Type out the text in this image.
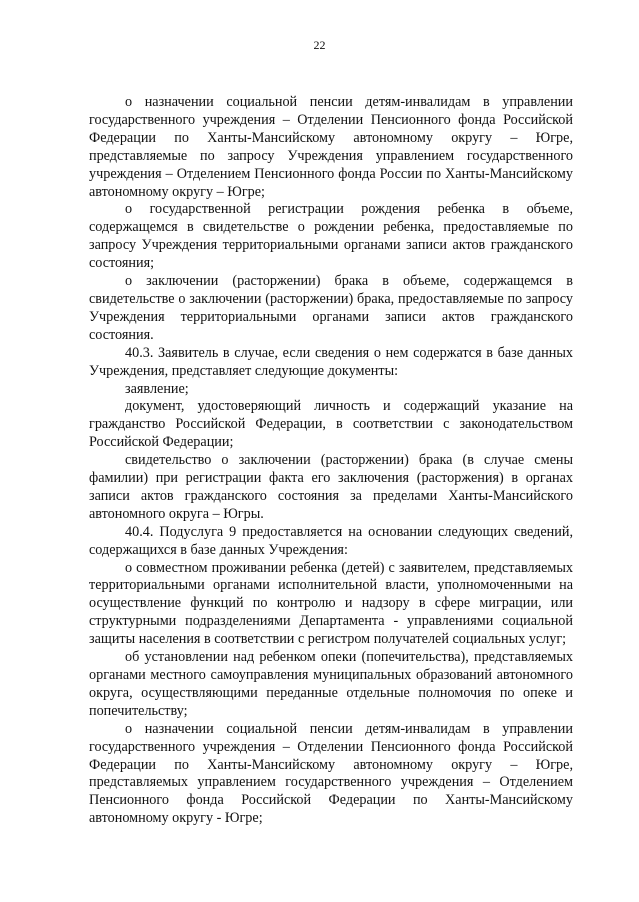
22

о назначении социальной пенсии детям-инвалидам в управлении государственного учреждения – Отделении Пенсионного фонда Российской Федерации по Ханты-Мансийскому автономному округу – Югре, представляемые по запросу Учреждения управлением государственного учреждения – Отделением Пенсионного фонда России по Ханты-Мансийскому автономному округу – Югре;

о государственной регистрации рождения ребенка в объеме, содержащемся в свидетельстве о рождении ребенка, предоставляемые по запросу Учреждения территориальными органами записи актов гражданского состояния;

о заключении (расторжении) брака в объеме, содержащемся в свидетельстве о заключении (расторжении) брака, предоставляемые по запросу Учреждения территориальными органами записи актов гражданского состояния.

40.3. Заявитель в случае, если сведения о нем содержатся в базе данных Учреждения, представляет следующие документы:

заявление;

документ, удостоверяющий личность и содержащий указание на гражданство Российской Федерации, в соответствии с законодательством Российской Федерации;

свидетельство о заключении (расторжении) брака (в случае смены фамилии) при регистрации факта его заключения (расторжения) в органах записи актов гражданского состояния за пределами Ханты-Мансийского автономного округа – Югры.

40.4. Подуслуга 9 предоставляется на основании следующих сведений, содержащихся в базе данных Учреждения:

о совместном проживании ребенка (детей) с заявителем, представляемых территориальными органами исполнительной власти, уполномоченными на осуществление функций по контролю и надзору в сфере миграции, или структурными подразделениями Департамента - управлениями социальной защиты населения в соответствии с регистром получателей социальных услуг;

об установлении над ребенком опеки (попечительства), представляемых органами местного самоуправления муниципальных образований автономного округа, осуществляющими переданные отдельные полномочия по опеке и попечительству;

о назначении социальной пенсии детям-инвалидам в управлении государственного учреждения – Отделении Пенсионного фонда Российской Федерации по Ханты-Мансийскому автономному округу – Югре, представляемых управлением государственного учреждения – Отделением Пенсионного фонда Российской Федерации по Ханты-Мансийскому автономному округу - Югре;
